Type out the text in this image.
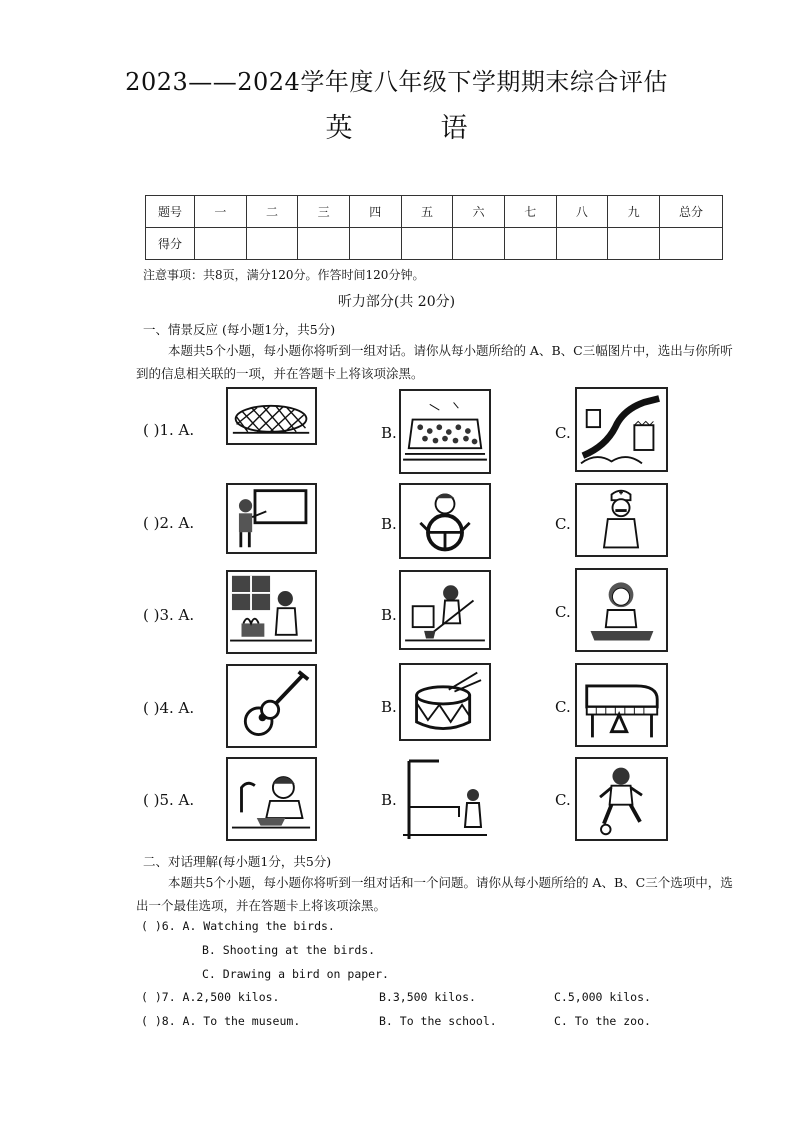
2023——2024学年度八年级下学期期末综合评估
英	语
题号	一	二	三	四	五	六	七	八	九	总分
得分										
注意事项：共8页，满分120分。作答时间120分钟。
听力部分(共 20分)
一、情景反应 (每小题1分，共5分)
本题共5个小题，每小题你将听到一组对话。请你从每小题所给的 A、B、C三幅图片中，选出与你所听到的信息相关联的一项，并在答题卡上将该项涂黑。
( )1. A.	B.	C.
( )2. A.	B.	C.
( )3. A.	B.	C.
( )4. A.	B.	C.
( )5. A.	B.	C.
二、对话理解(每小题1分，共5分)
本题共5个小题，每小题你将听到一组对话和一个问题。请你从每小题所给的 A、B、C三个选项中，选出一个最佳选项，并在答题卡上将该项涂黑。
( )6. A. Watching the birds.
B. Shooting at the birds.
C. Drawing a bird on paper.
( )7. A.2,500 kilos.	B.3,500 kilos.	C.5,000 kilos.
( )8. A. To the museum.	B. To the school.	C. To the zoo.
